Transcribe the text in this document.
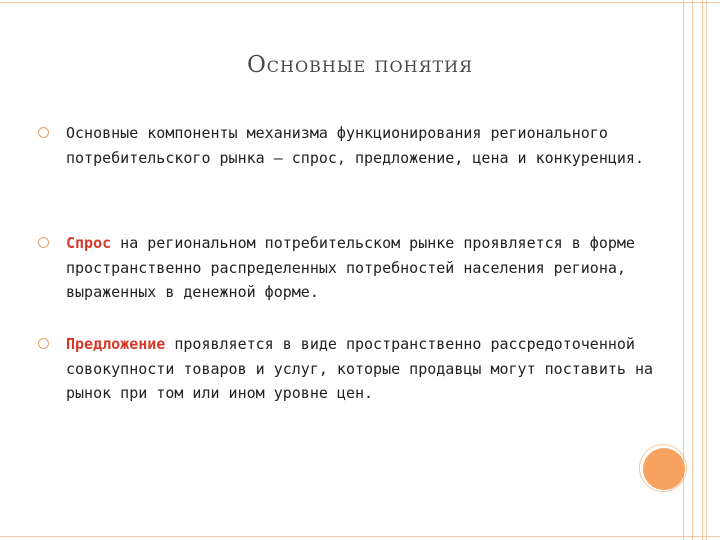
Основные понятия
Основные компоненты механизма функционирования регионального потребительского рынка – спрос, предложение, цена и конкуренция.
Спрос на региональном потребительском рынке проявляется в форме пространственно распределенных потребностей населения региона, выраженных в денежной форме.
Предложение проявляется в виде пространственно рассредоточенной совокупности товаров и услуг, которые продавцы могут поставить на рынок при том или ином уровне цен.
